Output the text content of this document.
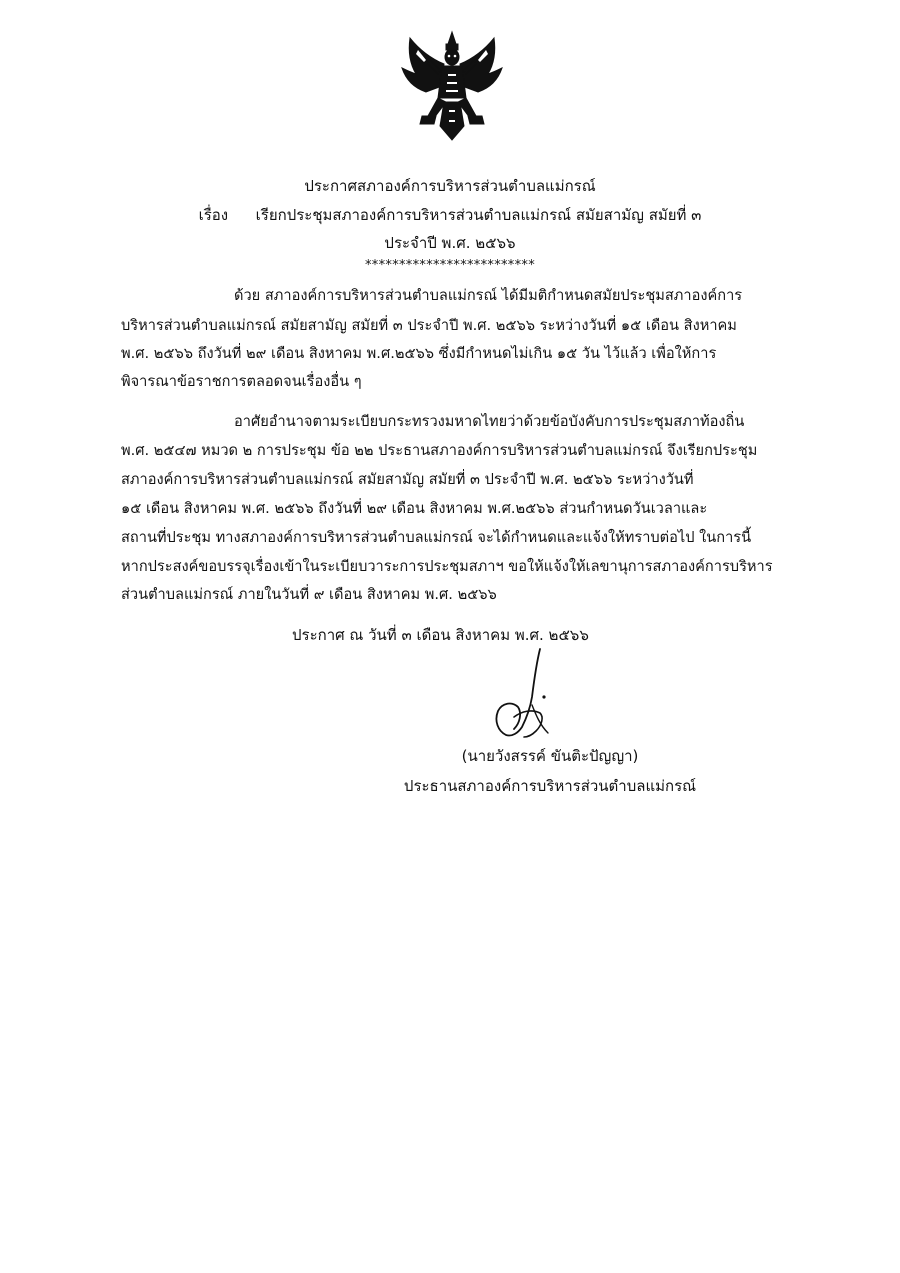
ประกาศสภาองค์การบริหารส่วนตำบลแม่กรณ์
เรื่อง เรียกประชุมสภาองค์การบริหารส่วนตำบลแม่กรณ์ สมัยสามัญ สมัยที่ ๓
ประจำปี พ.ศ. ๒๕๖๖
*************************
ด้วย สภาองค์การบริหารส่วนตำบลแม่กรณ์ ได้มีมติกำหนดสมัยประชุมสภาองค์การ
บริหารส่วนตำบลแม่กรณ์ สมัยสามัญ สมัยที่ ๓ ประจำปี พ.ศ. ๒๕๖๖ ระหว่างวันที่ ๑๕ เดือน สิงหาคม
พ.ศ. ๒๕๖๖ ถึงวันที่ ๒๙ เดือน สิงหาคม พ.ศ.๒๕๖๖ ซึ่งมีกำหนดไม่เกิน ๑๕ วัน ไว้แล้ว เพื่อให้การ
พิจารณาข้อราชการตลอดจนเรื่องอื่น ๆ
อาศัยอำนาจตามระเบียบกระทรวงมหาดไทยว่าด้วยข้อบังคับการประชุมสภาท้องถิ่น
พ.ศ. ๒๕๔๗ หมวด ๒ การประชุม ข้อ ๒๒ ประธานสภาองค์การบริหารส่วนตำบลแม่กรณ์ จึงเรียกประชุม
สภาองค์การบริหารส่วนตำบลแม่กรณ์ สมัยสามัญ สมัยที่ ๓ ประจำปี พ.ศ. ๒๕๖๖ ระหว่างวันที่
๑๕ เดือน สิงหาคม พ.ศ. ๒๕๖๖ ถึงวันที่ ๒๙ เดือน สิงหาคม พ.ศ.๒๕๖๖ ส่วนกำหนดวันเวลาและ
สถานที่ประชุม ทางสภาองค์การบริหารส่วนตำบลแม่กรณ์ จะได้กำหนดและแจ้งให้ทราบต่อไป ในการนี้
หากประสงค์ขอบรรจุเรื่องเข้าในระเบียบวาระการประชุมสภาฯ ขอให้แจ้งให้เลขานุการสภาองค์การบริหาร
ส่วนตำบลแม่กรณ์ ภายในวันที่ ๙ เดือน สิงหาคม พ.ศ. ๒๕๖๖
ประกาศ ณ วันที่ ๓ เดือน สิงหาคม พ.ศ. ๒๕๖๖
(นายวังสรรค์ ขันติะปัญญา)
ประธานสภาองค์การบริหารส่วนตำบลแม่กรณ์
